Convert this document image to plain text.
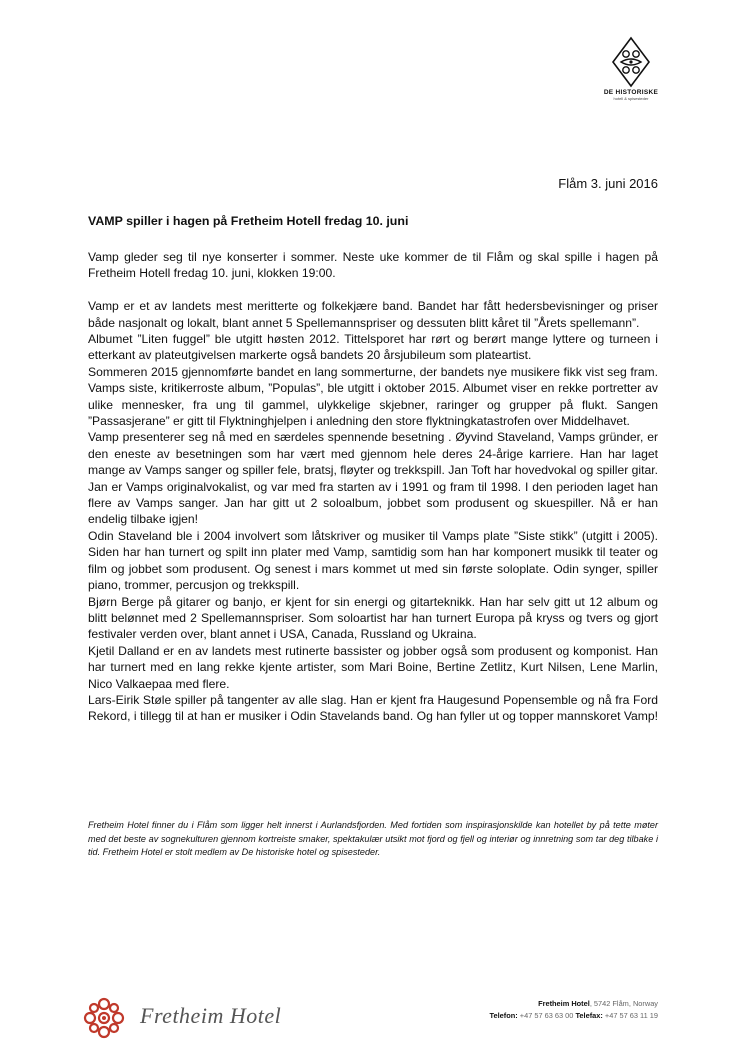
DE HISTORISKE
hotell & spisesteder
Flåm 3. juni 2016
VAMP spiller i hagen på Fretheim Hotell fredag 10. juni

Vamp gleder seg til nye konserter i sommer. Neste uke kommer de til Flåm og skal spille i hagen på Fretheim Hotell fredag 10. juni, klokken 19:00.

Vamp er et av landets mest meritterte og folkekjære band. Bandet har fått hedersbevisninger og priser både nasjonalt og lokalt, blant annet 5 Spellemannspriser og dessuten blitt kåret til ”Årets spellemann”.

Albumet ”Liten fuggel” ble utgitt høsten 2012. Tittelsporet har rørt og berørt mange lyttere og turneen i etterkant av plateutgivelsen markerte også bandets 20 årsjubileum som plateartist.

Sommeren 2015 gjennomførte bandet en lang sommerturne, der bandets nye musikere fikk vist seg fram. Vamps siste, kritikerroste album, ”Populas”, ble utgitt i oktober 2015. Albumet viser en rekke portretter av ulike mennesker, fra ung til gammel, ulykkelige skjebner, raringer og grupper på flukt. Sangen ”Passasjerane” er gitt til Flyktninghjelpen i anledning den store flyktningkatastrofen over Middelhavet.

Vamp presenterer seg nå med en særdeles spennende besetning . Øyvind Staveland, Vamps gründer, er den eneste av besetningen som har vært med gjennom hele deres 24-årige karriere. Han har laget mange av Vamps sanger og spiller fele, bratsj, fløyter og trekkspill. Jan Toft har hovedvokal og spiller gitar. Jan er Vamps originalvokalist, og var med fra starten av i 1991 og fram til 1998. I den perioden laget han flere av Vamps sanger. Jan har gitt ut 2 soloalbum, jobbet som produsent og skuespiller. Nå er han endelig tilbake igjen!

Odin Staveland ble i 2004 involvert som låtskriver og musiker til Vamps plate ”Siste stikk” (utgitt i 2005). Siden har han turnert og spilt inn plater med Vamp, samtidig som han har komponert musikk til teater og film og jobbet som produsent. Og senest i mars kommet ut med sin første soloplate. Odin synger, spiller piano, trommer, percusjon og trekkspill.

Bjørn Berge på gitarer og banjo, er kjent for sin energi og gitarteknikk. Han har selv gitt ut 12 album og blitt belønnet med 2 Spellemannspriser. Som soloartist har han turnert Europa på kryss og tvers og gjort festivaler verden over, blant annet i USA, Canada, Russland og Ukraina.

Kjetil Dalland er en av landets mest rutinerte bassister og jobber også som produsent og komponist. Han har turnert med en lang rekke kjente artister, som Mari Boine, Bertine Zetlitz, Kurt Nilsen, Lene Marlin, Nico Valkaepaa med flere.

Lars-Eirik Støle spiller på tangenter av alle slag. Han er kjent fra Haugesund Popensemble og nå fra Ford Rekord, i tillegg til at han er musiker i Odin Stavelands band. Og han fyller ut og topper mannskoret Vamp!

Fretheim Hotel finner du i Flåm som ligger helt innerst i Aurlandsfjorden. Med fortiden som inspirasjonskilde kan hotellet by på tette møter med det beste av sognekulturen gjennom kortreiste smaker, spektakulær utsikt mot fjord og fjell og interiør og innretning som tar deg tilbake i tid. Fretheim Hotel er stolt medlem av De historiske hotel og spisesteder.
Fretheim Hotel	Fretheim Hotel, 5742 Flåm, Norway
Telefon: +47 57 63 63 00 Telefax: +47 57 63 11 19
